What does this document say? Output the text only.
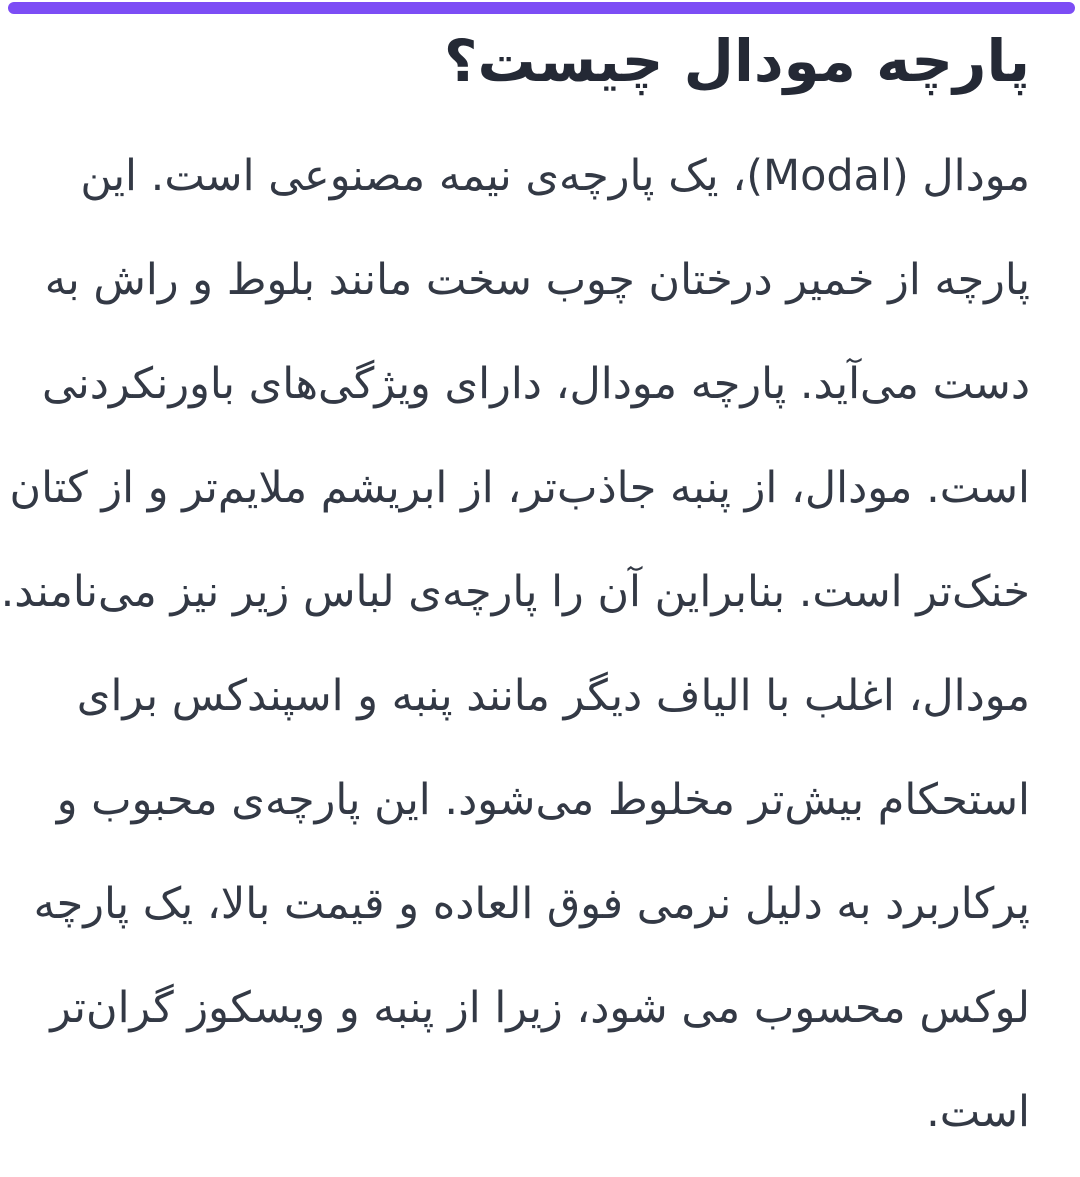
پارچه مودال چیست؟
مودال (Modal)، یک پارچه‌ی نیمه مصنوعی است. این
پارچه از خمیر درختان چوب سخت مانند بلوط و راش به
دست می‌آید. پارچه مودال، دارای ویژگی‌های باورنکردنی
است. مودال، از پنبه جاذب‌تر، از ابریشم ملایم‌تر و از کتان
خنک‌تر است. بنابراین آن را پارچه‌ی لباس زیر نیز می‌نامند.
مودال، اغلب با الیاف دیگر مانند پنبه و اسپندکس برای
استحکام بیش‌تر مخلوط می‌شود. این پارچه‌ی محبوب و
پرکاربرد به دلیل نرمی فوق العاده و قیمت بالا، یک پارچه
لوکس محسوب می شود، زیرا از پنبه و ویسکوز گران‌تر
است.
